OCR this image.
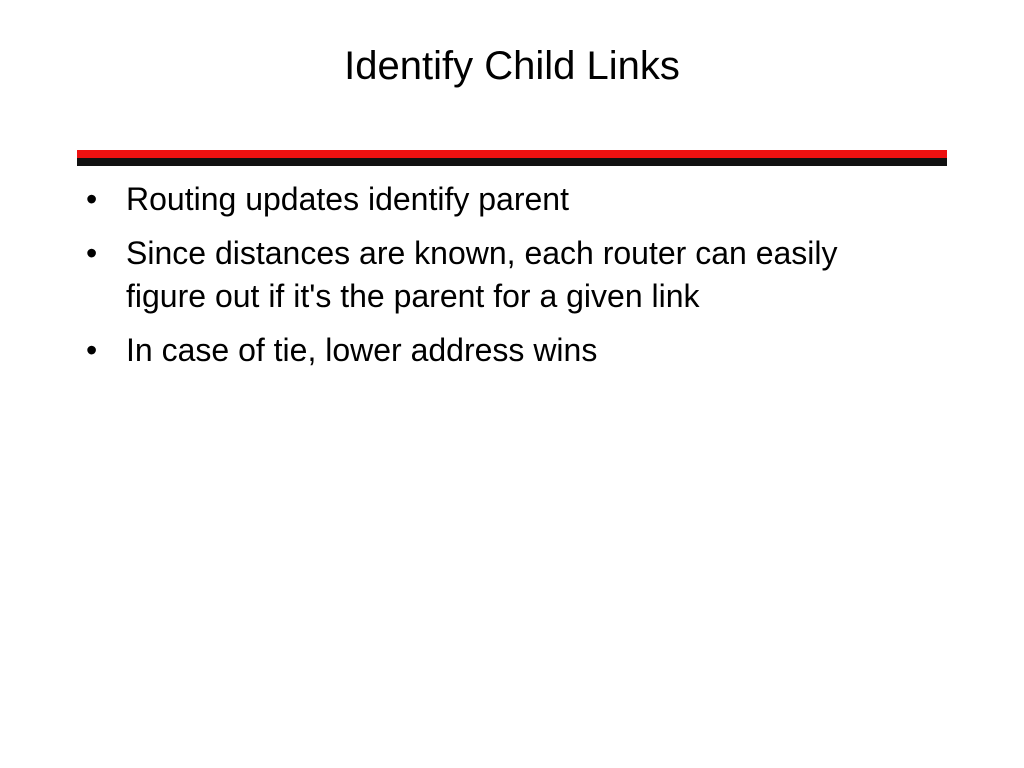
Identify Child Links
• Routing updates identify parent
• Since distances are known, each router can easily figure out if it's the parent for a given link
• In case of tie, lower address wins
